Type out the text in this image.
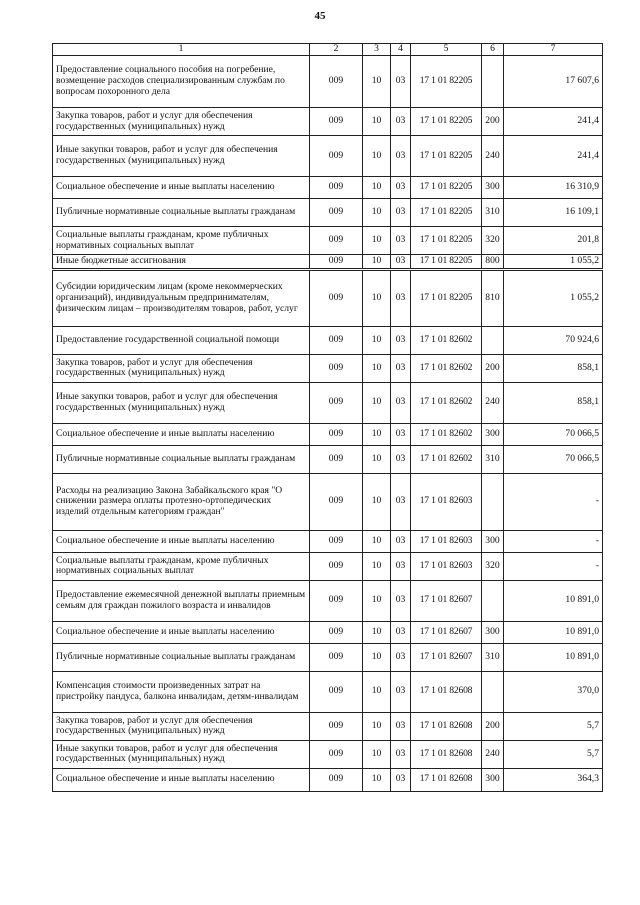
45
1	2	3	4	5	6	7
Предоставление социального пособия на погребение, возмещение расходов специализированным службам по вопросам похоронного дела	009	10	03	17 1 01 82205		17 607,6
Закупка товаров, работ и услуг для обеспечения государственных (муниципальных) нужд	009	10	03	17 1 01 82205	200	241,4
Иные закупки товаров, работ и услуг для обеспечения государственных (муниципальных) нужд	009	10	03	17 1 01 82205	240	241,4
Социальное обеспечение и иные выплаты населению	009	10	03	17 1 01 82205	300	16 310,9
Публичные нормативные социальные выплаты гражданам	009	10	03	17 1 01 82205	310	16 109,1
Социальные выплаты гражданам, кроме публичных нормативных социальных выплат	009	10	03	17 1 01 82205	320	201,8
Иные бюджетные ассигнования	009	10	03	17 1 01 82205	800	1 055,2
Субсидии юридическим лицам (кроме некоммерческих организаций), индивидуальным предпринимателям, физическим лицам – производителям товаров, работ, услуг	009	10	03	17 1 01 82205	810	1 055,2
Предоставление государственной социальной помощи	009	10	03	17 1 01 82602		70 924,6
Закупка товаров, работ и услуг для обеспечения государственных (муниципальных) нужд	009	10	03	17 1 01 82602	200	858,1
Иные закупки товаров, работ и услуг для обеспечения государственных (муниципальных) нужд	009	10	03	17 1 01 82602	240	858,1
Социальное обеспечение и иные выплаты населению	009	10	03	17 1 01 82602	300	70 066,5
Публичные нормативные социальные выплаты гражданам	009	10	03	17 1 01 82602	310	70 066,5
Расходы на реализацию Закона Забайкальского края "О снижении размера оплаты протезно-ортопедических изделий отдельным категориям граждан"	009	10	03	17 1 01 82603		-
Социальное обеспечение и иные выплаты населению	009	10	03	17 1 01 82603	300	-
Социальные выплаты гражданам, кроме публичных нормативных социальных выплат	009	10	03	17 1 01 82603	320	-
Предоставление ежемесячной денежной выплаты приемным семьям для граждан пожилого возраста и инвалидов	009	10	03	17 1 01 82607		10 891,0
Социальное обеспечение и иные выплаты населению	009	10	03	17 1 01 82607	300	10 891,0
Публичные нормативные социальные выплаты гражданам	009	10	03	17 1 01 82607	310	10 891,0
Компенсация стоимости произведенных затрат на пристройку пандуса, балкона инвалидам, детям-инвалидам	009	10	03	17 1 01 82608		370,0
Закупка товаров, работ и услуг для обеспечения государственных (муниципальных) нужд	009	10	03	17 1 01 82608	200	5,7
Иные закупки товаров, работ и услуг для обеспечения государственных (муниципальных) нужд	009	10	03	17 1 01 82608	240	5,7
Социальное обеспечение и иные выплаты населению	009	10	03	17 1 01 82608	300	364,3
